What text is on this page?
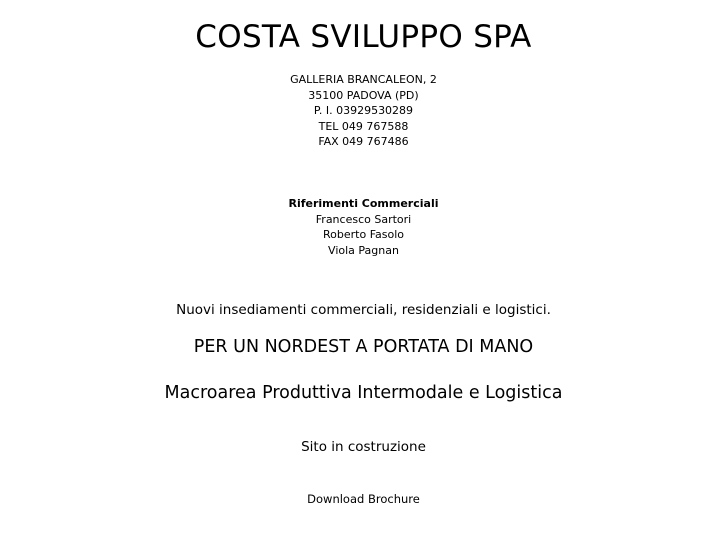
COSTA SVILUPPO SPA
GALLERIA BRANCALEON, 2
35100 PADOVA (PD)
P. I. 03929530289
TEL 049 767588
FAX 049 767486
Riferimenti Commerciali
Francesco Sartori
Roberto Fasolo
Viola Pagnan
Nuovi insediamenti commerciali, residenziali e logistici.
PER UN NORDEST A PORTATA DI MANO
Macroarea Produttiva Intermodale e Logistica
Sito in costruzione
Download Brochure
